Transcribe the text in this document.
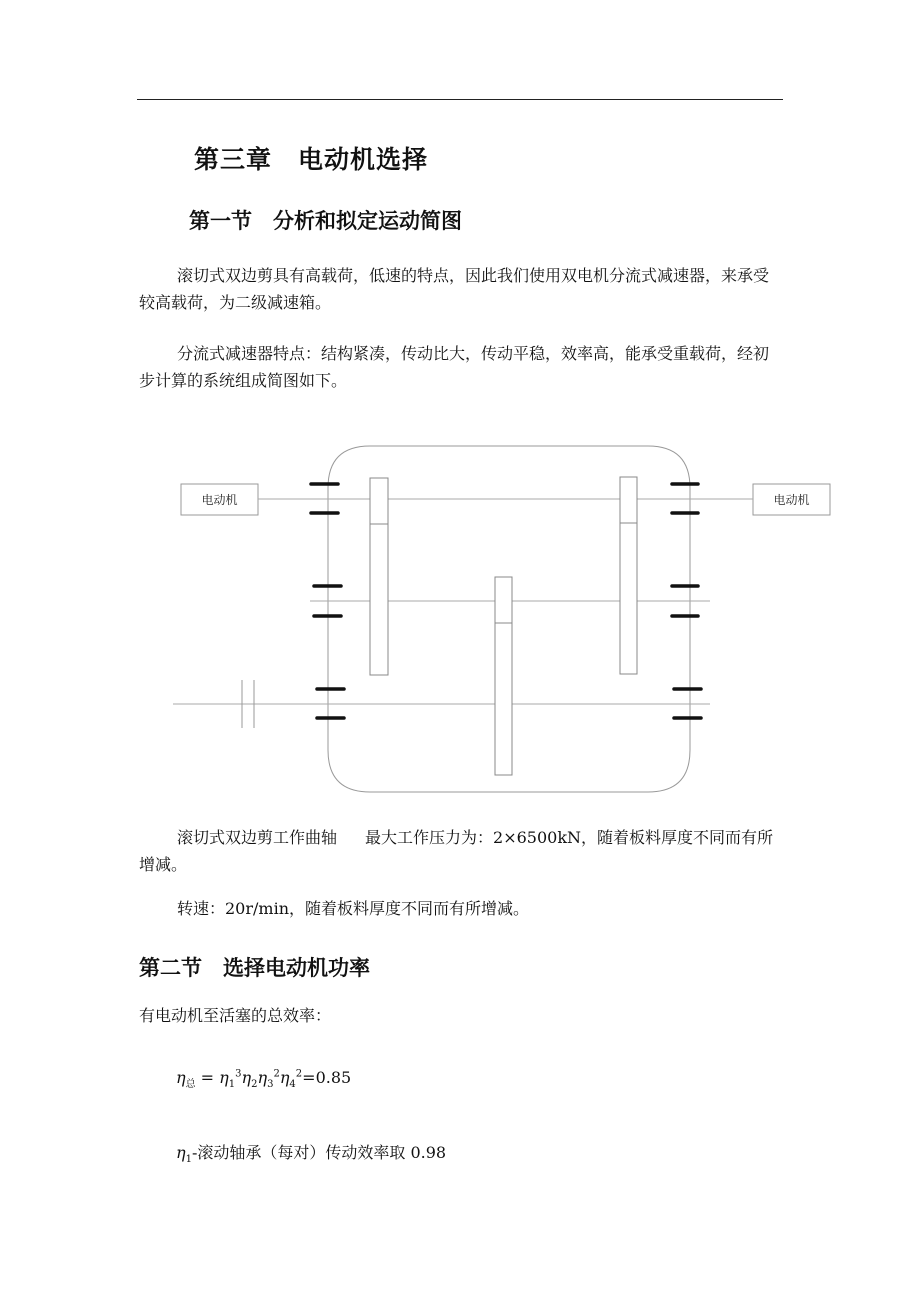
第三章　电动机选择
第一节　分析和拟定运动简图

滚切式双边剪具有高载荷，低速的特点，因此我们使用双电机分流式减速器，来承受较高载荷，为二级减速箱。

分流式减速器特点：结构紧凑，传动比大，传动平稳，效率高，能承受重载荷，经初步计算的系统组成简图如下。

电动机	电动机

滚切式双边剪工作曲轴 最大工作压力为：2×6500kN，随着板料厚度不同而有所增减。

转速：20r/min，随着板料厚度不同而有所增减。

第二节　选择电动机功率
有电动机至活塞的总效率：
$\eta_总 = \eta_1^3\eta_2\eta_3^2\eta_4^2=0.85$
$\eta_1-$滚动轴承（每对）传动效率取 0.98
